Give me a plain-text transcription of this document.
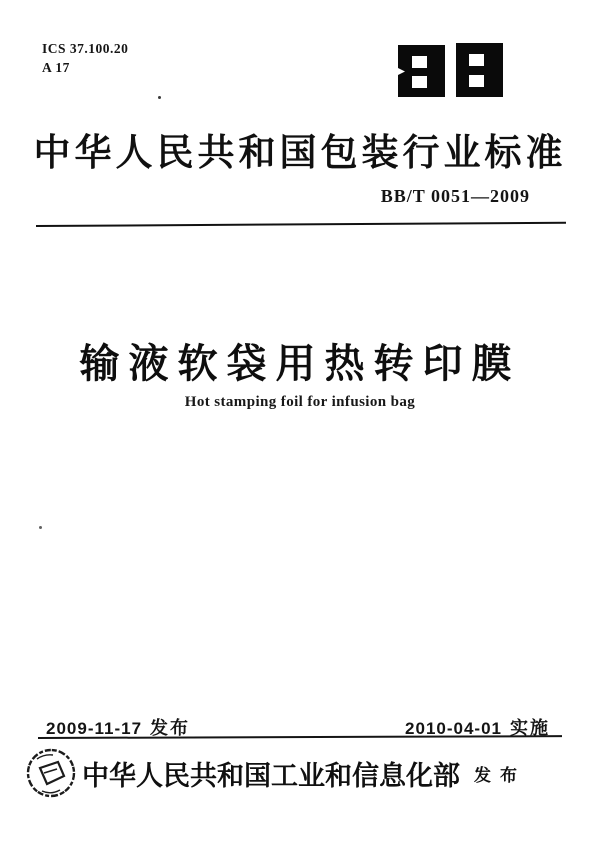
ICS 37.100.20
A 17
中华人民共和国包装行业标准
BB/T 0051—2009
输液软袋用热转印膜
Hot stamping foil for infusion bag
2009-11-17 发布	2010-04-01 实施
中华人民共和国工业和信息化部 发布
